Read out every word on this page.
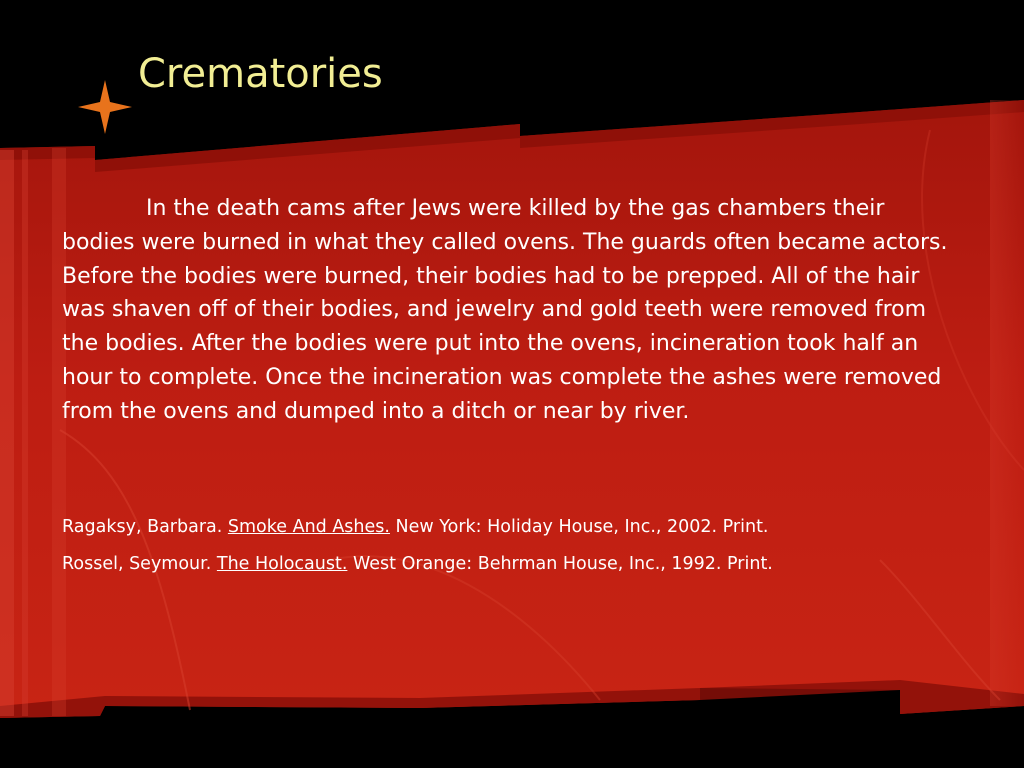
Crematories

In the death cams after Jews were killed by the gas chambers their bodies were burned in what they called ovens. The guards often became actors. Before the bodies were burned, their bodies had to be prepped. All of the hair was shaven off of their bodies, and jewelry and gold teeth were removed from the bodies. After the bodies were put into the ovens, incineration took half an hour to complete. Once the incineration was complete the ashes were removed from the ovens and dumped into a ditch or near by river.

Ragaksy, Barbara. Smoke And Ashes. New York: Holiday House, Inc., 2002. Print.

Rossel, Seymour. The Holocaust. West Orange: Behrman House, Inc., 1992. Print.
